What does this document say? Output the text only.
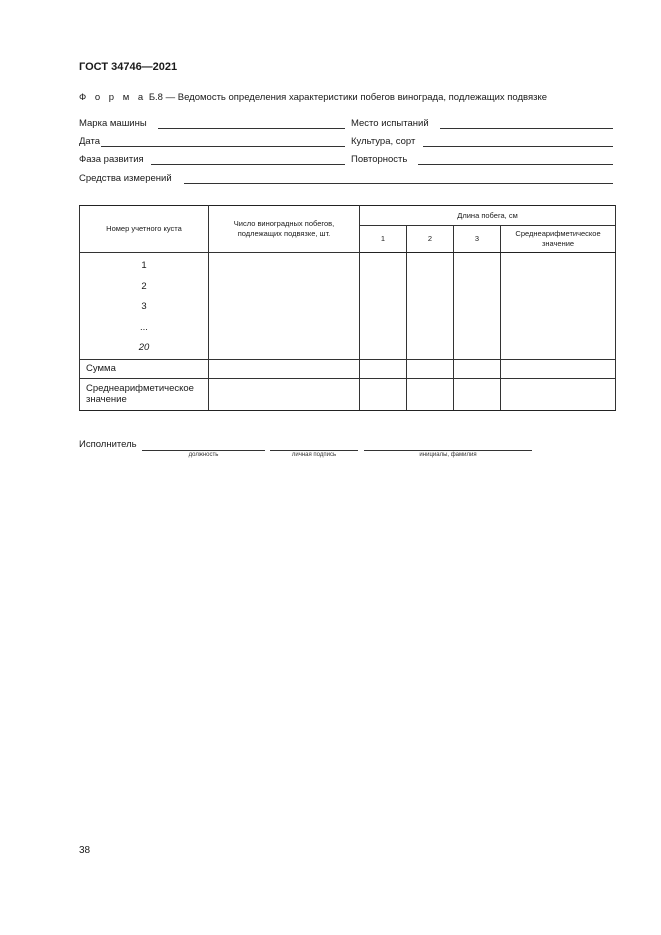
ГОСТ 34746—2021
Ф о р м а Б.8 — Ведомость определения характеристики побегов винограда, подлежащих подвязке
Марка машины	Место испытаний
Дата	Культура, сорт
Фаза развития	Повторность
Средства измерений
Номер учетного куста	Число виноградных побегов, подлежащих подвязке, шт.	Длина побега, см			
		1	2	3	Среднеарифметическое значение

1
2
3
...
20					

Сумма					
Среднеарифметическое значение					
Исполнитель
должность	личная подпись	инициалы, фамилия
38
